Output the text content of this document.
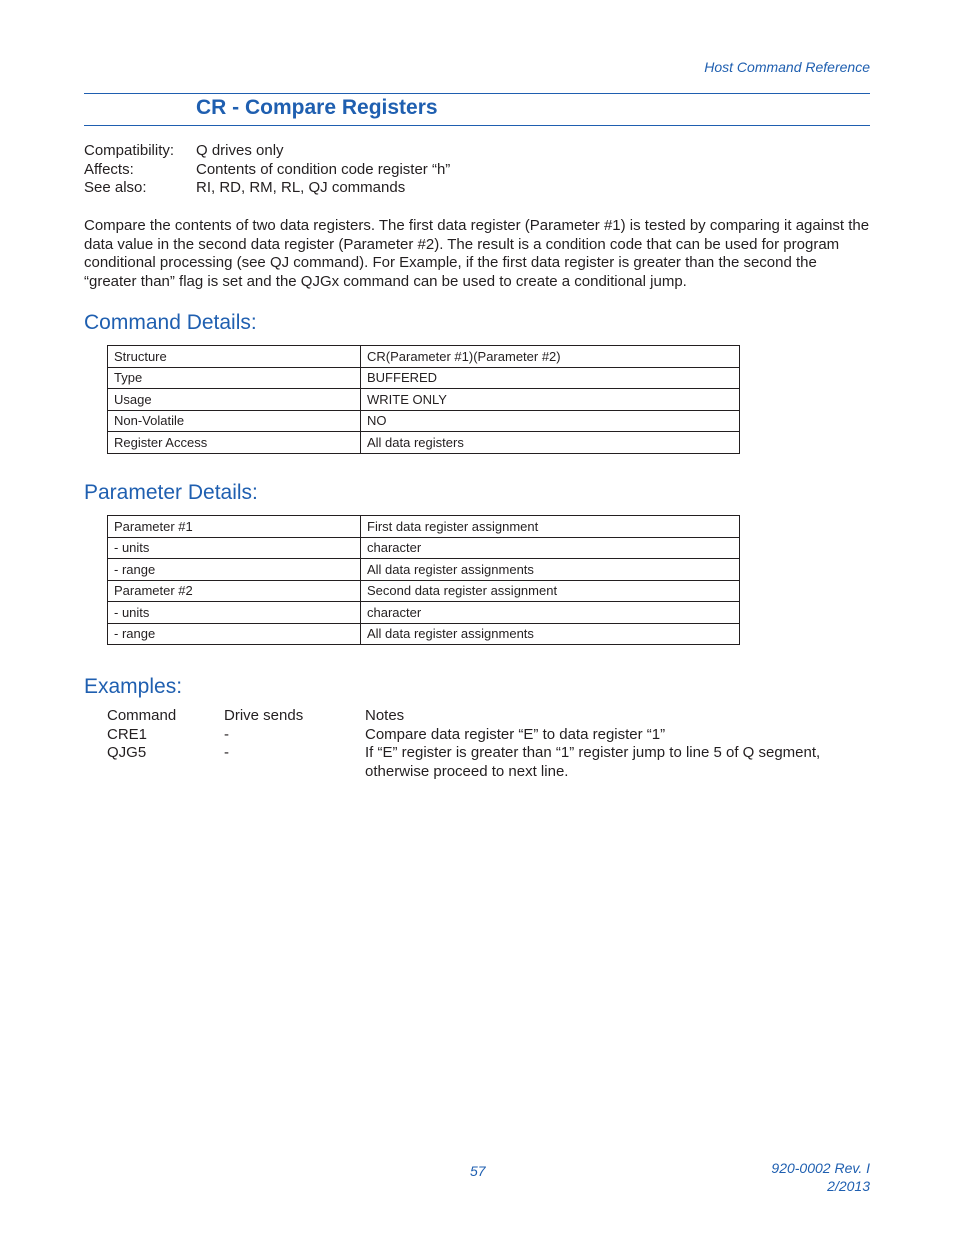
Host Command Reference
CR - Compare Registers
Compatibility:	Q drives only
Affects:	Contents of condition code register “h”
See also:	RI, RD, RM, RL, QJ commands

Compare the contents of two data registers. The first data register (Parameter #1) is tested by comparing it against the data value in the second data register (Parameter #2). The result is a condition code that can be used for program conditional processing (see QJ command). For Example, if the first data register is greater than the second the “greater than” flag is set and the QJGx command can be used to create a conditional jump.

Command Details:
Structure	CR(Parameter #1)(Parameter #2)
Type	BUFFERED
Usage	WRITE ONLY
Non-Volatile	NO
Register Access	All data registers
Parameter Details:
Parameter #1	First data register assignment
- units	character
- range	All data register assignments
Parameter #2	Second data register assignment
- units	character
- range	All data register assignments
Examples:
Command	Drive sends	Notes
CRE1	-	Compare data register “E” to data register “1”
QJG5	-	If “E” register is greater than “1” register jump to line 5 of Q segment, otherwise proceed to next line.
57	920-0002 Rev. I
2/2013
